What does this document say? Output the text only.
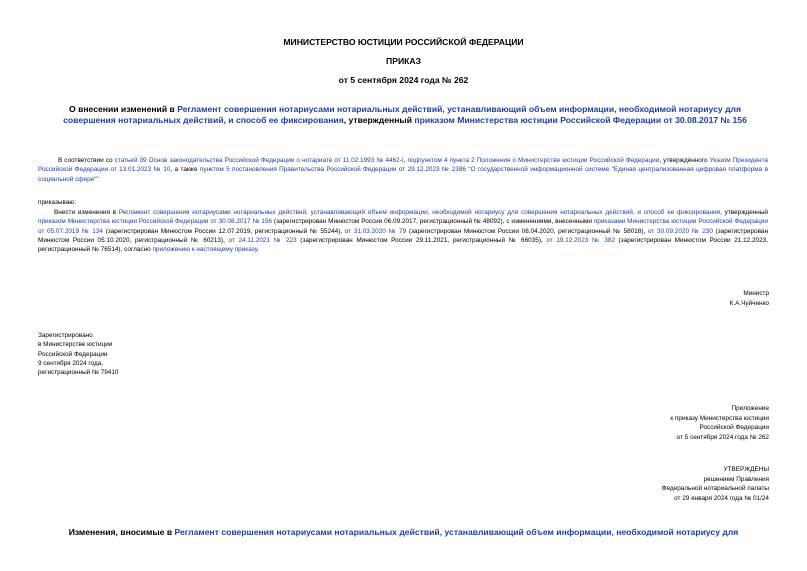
МИНИСТЕРСТВО ЮСТИЦИИ РОССИЙСКОЙ ФЕДЕРАЦИИ
ПРИКАЗ
от 5 сентября 2024 года № 262
О внесении изменений в Регламент совершения нотариусами нотариальных действий, устанавливающий объем информации, необходимой нотариусу для совершения нотариальных действий, и способ ее фиксирования, утвержденный приказом Министерства юстиции Российской Федерации от 30.08.2017 № 156
В соответствии со статьей 39 Основ законодательства Российской Федерации о нотариате от 11.02.1993 № 4462-I, подпунктом 4 пункта 2 Положения о Министерстве юстиции Российской Федерации, утвержденного Указом Президента Российской Федерации от 13.01.2023 № 10, а также пунктом 5 постановления Правительства Российской Федерации от 29.12.2023 № 2386 "О государственной информационной системе "Единая централизованная цифровая платформа в социальной сфере""
приказываю:
Внести изменения в Регламент совершения нотариусами нотариальных действий, устанавливающий объем информации, необходимой нотариусу для совершения нотариальных действий, и способ ее фиксирования, утвержденный приказом Министерства юстиции Российской Федерации от 30.08.2017 № 156 (зарегистрирован Минюстом России 06.09.2017, регистрационный № 48092), с изменениями, внесенными приказами Министерства юстиции Российской Федерации от 05.07.2019 № 134 (зарегистрирован Минюстом России 12.07.2019, регистрационный № 55244), от 31.03.2020 № 79 (зарегистрирован Минюстом России 08.04.2020, регистрационный № 58018), от 30.09.2020 № 230 (зарегистрирован Минюстом России 05.10.2020, регистрационный № 60213), от 24.11.2021 № 223 (зарегистрирован Минюстом России 29.11.2021, регистрационный № 66035), от 19.12.2023 № 382 (зарегистрирован Минюстом России 21.12.2023, регистрационный № 76514), согласно приложению к настоящему приказу.
Министр
К.А.Чуйченко
Зарегистрировано
в Министерстве юстиции
Российской Федерации
9 сентября 2024 года,
регистрационный № 79410
Приложение
к приказу Министерства юстиции
Российской Федерации
от 5 сентября 2024 года № 262
УТВЕРЖДЕНЫ
решением Правления
Федеральной нотариальной палаты
от 29 января 2024 года № 01/24
Изменения, вносимые в Регламент совершения нотариусами нотариальных действий, устанавливающий объем информации, необходимой нотариусу для
